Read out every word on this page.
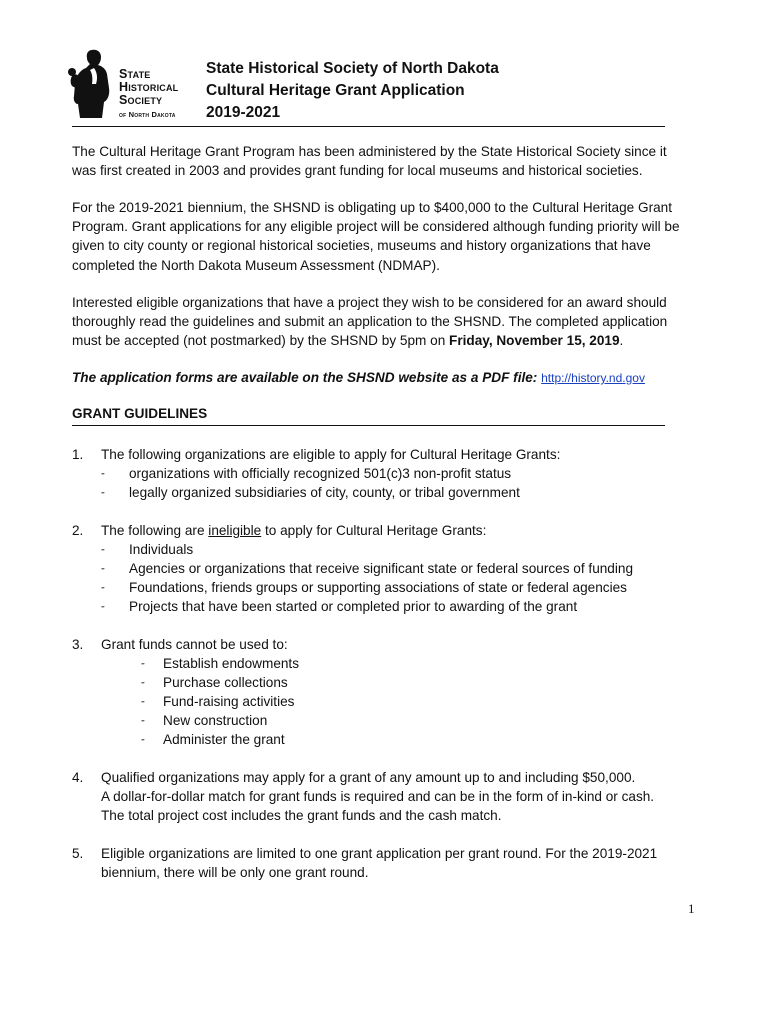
State
Historical
Society
of North Dakota
State Historical Society of North Dakota
Cultural Heritage Grant Application
2019-2021

The Cultural Heritage Grant Program has been administered by the State Historical Society since it was first created in 2003 and provides grant funding for local museums and historical societies.

For the 2019-2021 biennium, the SHSND is obligating up to $400,000 to the Cultural Heritage Grant Program. Grant applications for any eligible project will be considered although funding priority will be given to city county or regional historical societies, museums and history organizations that have completed the North Dakota Museum Assessment (NDMAP).

Interested eligible organizations that have a project they wish to be considered for an award should thoroughly read the guidelines and submit an application to the SHSND. The completed application must be accepted (not postmarked) by the SHSND by 5pm on Friday, November 15, 2019.

The application forms are available on the SHSND website as a PDF file: http://history.nd.gov

GRANT GUIDELINES
1. The following organizations are eligible to apply for Cultural Heritage Grants:
- organizations with officially recognized 501(c)3 non-profit status
- legally organized subsidiaries of city, county, or tribal government
2. The following are ineligible to apply for Cultural Heritage Grants:
- Individuals
- Agencies or organizations that receive significant state or federal sources of funding
- Foundations, friends groups or supporting associations of state or federal agencies
- Projects that have been started or completed prior to awarding of the grant
3. Grant funds cannot be used to:
- Establish endowments
- Purchase collections
- Fund-raising activities
- New construction
- Administer the grant
4. Qualified organizations may apply for a grant of any amount up to and including $50,000.
A dollar-for-dollar match for grant funds is required and can be in the form of in-kind or cash.
The total project cost includes the grant funds and the cash match.
5. Eligible organizations are limited to one grant application per grant round. For the 2019-2021
biennium, there will be only one grant round.
1
